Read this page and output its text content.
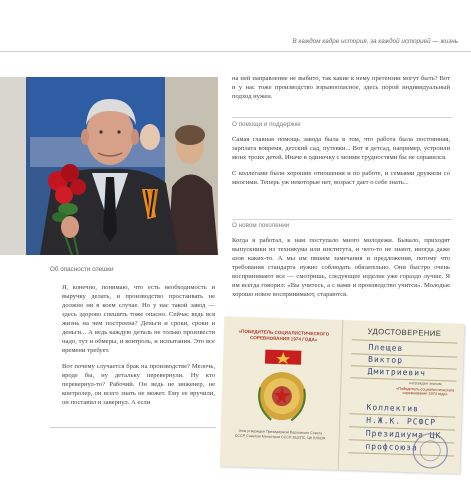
В каждом кадре история, за каждой историей — жизнь
Об опасности спешки

Я, конечно, понимаю, что есть необходимость и выручку делать, и производство простаивать не должно ни в коем случае. Но у нас такой завод — здесь здорово спешить тоже опасно. Сейчас ведь вся жизнь на чем построена? Деньги и сроки, сроки и деньги... А ведь каждую деталь не только произвести надо, тут и обмеры, и контроль, и испытания. Это все времени требует.

Вот почему случается брак на производстве? Мелочь, вроде бы, ну детальку перевернули. Ну кто перевернул-то? Рабочий. Он ведь не инженер, не контролер, он всего знать не может. Ему ее вручили, он поставил и завернул. А если

на ней направление не выбито, так какие к нему претензии могут быть? Вот и у нас тоже производство взрывоопасное, здесь порой индивидуальный подход нужен.

О помощи и поддержке

Самая главная помощь завода была в том, что работа была постоянная, зарплата вовремя, детский сад, путевки... Вот в детсад, например, устроили моих троих детей. Иначе в одиночку с моими трудностями бы не справился.

С коллегами были хорошие отношения и по работе, и семьями дружили со многими. Теперь уж некоторые нет, возраст дает о себе знать...

О новом поколении

Когда я работал, к нам поступало много молодежи. Бывало, приходят выпускники из техникума или института, и чего-то не знают, иногда даже азов каких-то. А мы им пишем замечания и предложения, потому что требования стандарта нужно соблюдать обязательно. Они быстро очень воспринимают все — смотришь, следующее изделие уже гораздо лучше. Я им всегда говорил: «Вы учитесь, а с вами и производство учится». Молодые хорошо новое воспринимают, стараются.

«ПОБЕДИТЕЛЬ СОЦИАЛИСТИЧЕСКОГО СОРЕВНОВАНИЯ 1974 ГОДА»
Знак утвержден Президиумом Верховного Совета СССР, Советом Министров СССР, ВЦСПС, ЦК ВЛКСМ
УДОСТОВЕРЕНИЕ
Плещев
Виктор
Дмитриевич
награжден знаком
«Победитель социалистического соревнования 1974 года»
Коллектив
Н.Ж.К. РСФСР
Президиума ЦК
профсоюза
